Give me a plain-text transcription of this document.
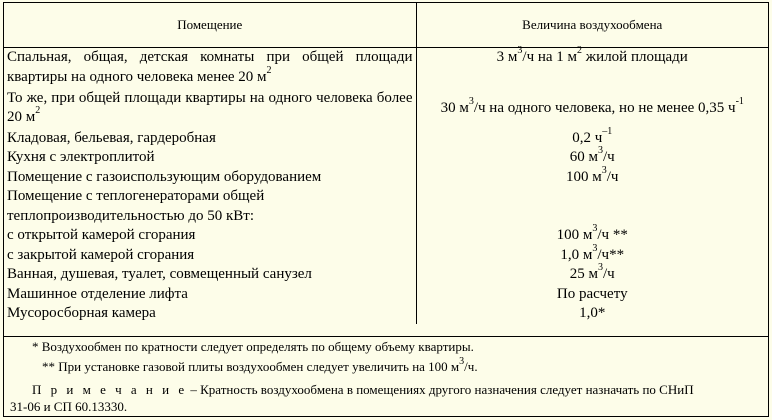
Помещение	Величина воздухообмена
Спальная, общая, детская комнаты при общей площади квартиры на одного человека менее 20 $м^2$	3 $м^3/ч$ на 1 $м^2$ жилой площади
То же, при общей площади квартиры на одного человека более 20 $м^2$	30 $м^3/ч$ на одного человека, но не менее 0,35 $ч^{-1}$
Кладовая, бельевая, гардеробная	0,2 $ч^{-1}$
Кухня с электроплитой	60 $м^3/ч$
Помещение с газоиспользующим оборудованием	100 $м^3/ч$
Помещение с теплогенераторами общей теплопроизводительностью до 50 кВт:	
с открытой камерой сгорания	100 $м^3/ч$ **
с закрытой камерой сгорания	1,0 $м^3/ч**$
Ванная, душевая, туалет, совмещенный санузел	25 $м^3/ч$
Машинное отделение лифта	По расчету
Мусоросборная камера	1,0*
* Воздухообмен по кратности следует определять по общему объему квартиры.
** При установке газовой плиты воздухообмен следует увеличить на 100 $м^3/ч$.
П р и м е ч а н и е – Кратность воздухообмена в помещениях другого назначения следует назначать по СНиП
31-06 и СП 60.13330.
